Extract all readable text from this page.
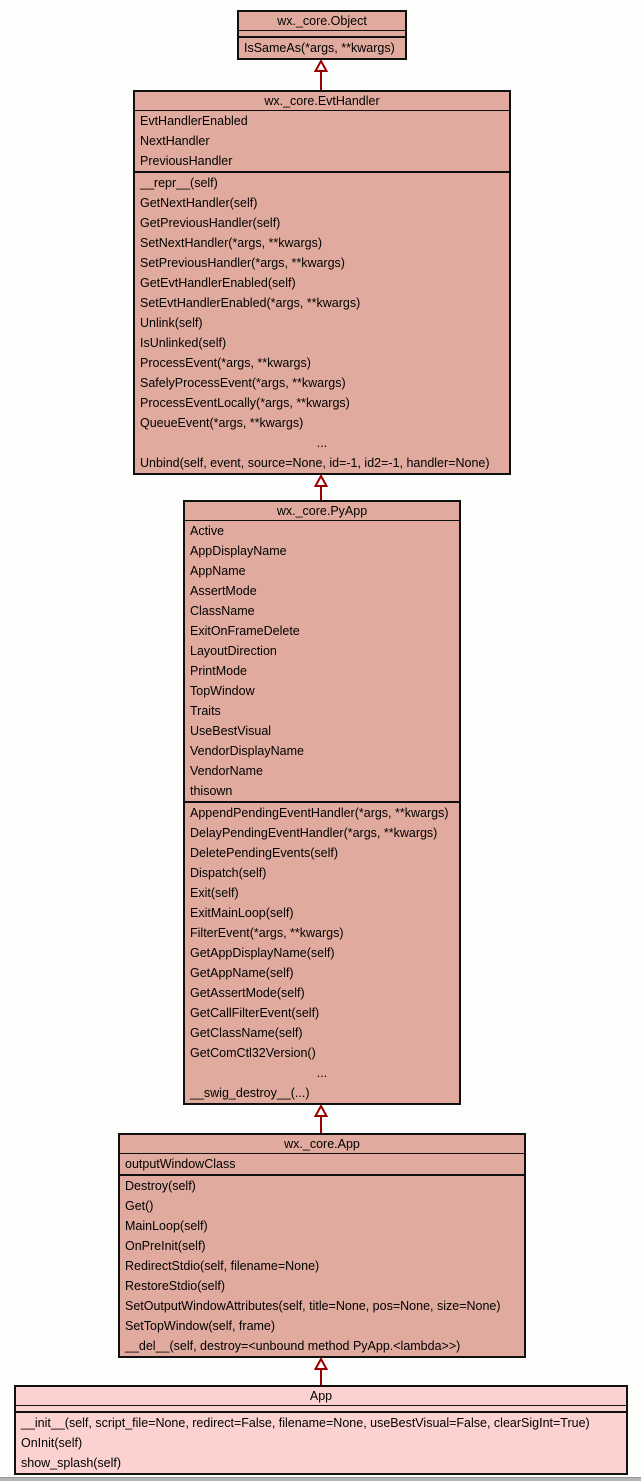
wx._core.Object
IsSameAs(*args, **kwargs)
wx._core.EvtHandler
EvtHandlerEnabled
NextHandler
PreviousHandler
__repr__(self)
GetNextHandler(self)
GetPreviousHandler(self)
SetNextHandler(*args, **kwargs)
SetPreviousHandler(*args, **kwargs)
GetEvtHandlerEnabled(self)
SetEvtHandlerEnabled(*args, **kwargs)
Unlink(self)
IsUnlinked(self)
ProcessEvent(*args, **kwargs)
SafelyProcessEvent(*args, **kwargs)
ProcessEventLocally(*args, **kwargs)
QueueEvent(*args, **kwargs)
...
Unbind(self, event, source=None, id=-1, id2=-1, handler=None)
wx._core.PyApp
Active
AppDisplayName
AppName
AssertMode
ClassName
ExitOnFrameDelete
LayoutDirection
PrintMode
TopWindow
Traits
UseBestVisual
VendorDisplayName
VendorName
thisown
AppendPendingEventHandler(*args, **kwargs)
DelayPendingEventHandler(*args, **kwargs)
DeletePendingEvents(self)
Dispatch(self)
Exit(self)
ExitMainLoop(self)
FilterEvent(*args, **kwargs)
GetAppDisplayName(self)
GetAppName(self)
GetAssertMode(self)
GetCallFilterEvent(self)
GetClassName(self)
GetComCtl32Version()
...
__swig_destroy__(...)
wx._core.App
outputWindowClass
Destroy(self)
Get()
MainLoop(self)
OnPreInit(self)
RedirectStdio(self, filename=None)
RestoreStdio(self)
SetOutputWindowAttributes(self, title=None, pos=None, size=None)
SetTopWindow(self, frame)
__del__(self, destroy=<unbound method PyApp.<lambda>>)
App
__init__(self, script_file=None, redirect=False, filename=None, useBestVisual=False, clearSigInt=True)
OnInit(self)
show_splash(self)
